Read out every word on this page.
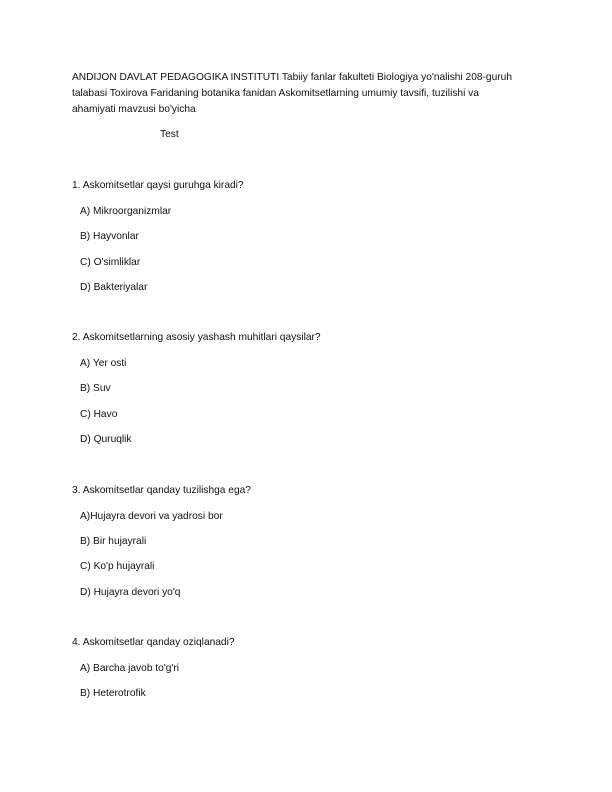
ANDIJON DAVLAT PEDAGOGIKA INSTITUTI Tabiiy fanlar fakulteti Biologiya yo'nalishi 208-guruh
talabasi Toxirova Faridaning botanika fanidan Askomitsetlarning umumiy tavsifi, tuzilishi va
ahamiyati mavzusi bo'yicha
Test
1. Askomitsetlar qaysi guruhga kiradi?
A) Mikroorganizmlar
B) Hayvonlar
C) O'simliklar
D) Bakteriyalar
2. Askomitsetlarning asosiy yashash muhitlari qaysilar?
A) Yer osti
B) Suv
C) Havo
D) Quruqlik
3. Askomitsetlar qanday tuzilishga ega?
A)Hujayra devori va yadrosi bor
B) Bir hujayrali
C) Ko'p hujayrali
D) Hujayra devori yo'q
4. Askomitsetlar qanday oziqlanadi?
A) Barcha javob to'g'ri
B) Heterotrofik
